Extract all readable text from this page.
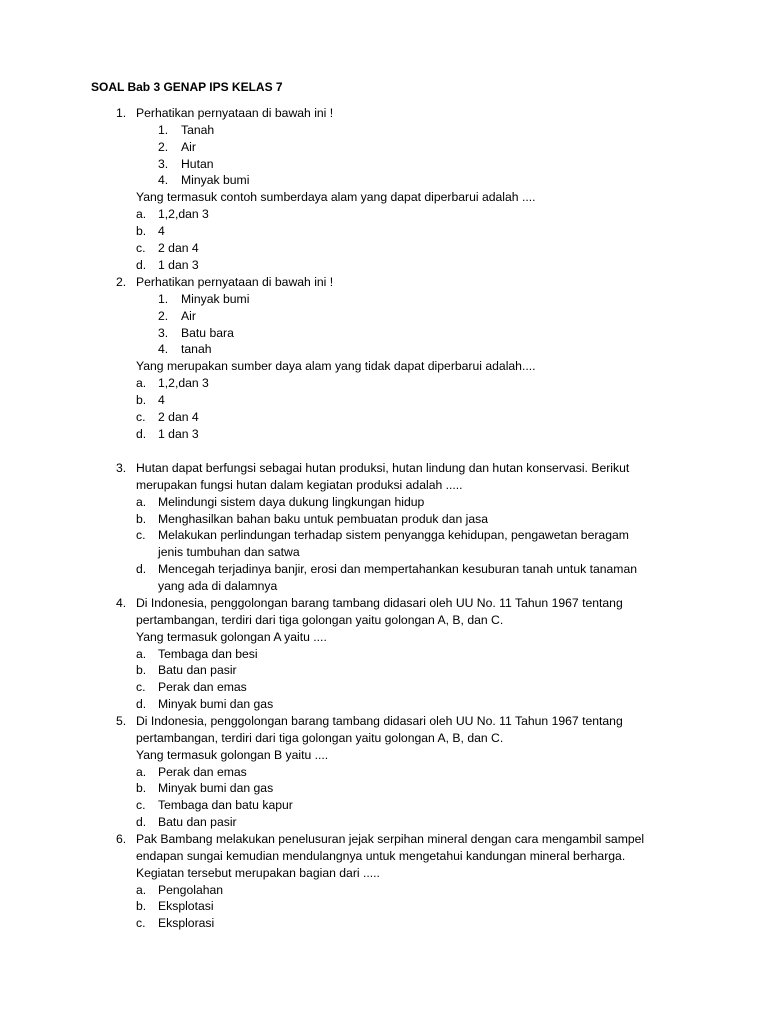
SOAL Bab 3 GENAP IPS KELAS 7
1. Perhatikan pernyataan di bawah ini !
1. Tanah
2. Air
3. Hutan
4. Minyak bumi
Yang termasuk contoh sumberdaya alam yang dapat diperbarui adalah ....
a. 1,2,dan 3
b. 4
c. 2 dan 4
d. 1 dan 3
2. Perhatikan pernyataan di bawah ini !
1. Minyak bumi
2. Air
3. Batu bara
4. tanah
Yang merupakan sumber daya alam yang tidak dapat diperbarui adalah....
a. 1,2,dan 3
b. 4
c. 2 dan 4
d. 1 dan 3
3. Hutan dapat berfungsi sebagai hutan produksi, hutan lindung dan hutan konservasi. Berikut
merupakan fungsi hutan dalam kegiatan produksi adalah .....
a. Melindungi sistem daya dukung lingkungan hidup
b. Menghasilkan bahan baku untuk pembuatan produk dan jasa
c. Melakukan perlindungan terhadap sistem penyangga kehidupan, pengawetan beragam
jenis tumbuhan dan satwa
d. Mencegah terjadinya banjir, erosi dan mempertahankan kesuburan tanah untuk tanaman
yang ada di dalamnya
4. Di Indonesia, penggolongan barang tambang didasari oleh UU No. 11 Tahun 1967 tentang
pertambangan, terdiri dari tiga golongan yaitu golongan A, B, dan C.
Yang termasuk golongan A yaitu ....
a. Tembaga dan besi
b. Batu dan pasir
c. Perak dan emas
d. Minyak bumi dan gas
5. Di Indonesia, penggolongan barang tambang didasari oleh UU No. 11 Tahun 1967 tentang
pertambangan, terdiri dari tiga golongan yaitu golongan A, B, dan C.
Yang termasuk golongan B yaitu ....
a. Perak dan emas
b. Minyak bumi dan gas
c. Tembaga dan batu kapur
d. Batu dan pasir
6. Pak Bambang melakukan penelusuran jejak serpihan mineral dengan cara mengambil sampel
endapan sungai kemudian mendulangnya untuk mengetahui kandungan mineral berharga.
Kegiatan tersebut merupakan bagian dari .....
a. Pengolahan
b. Eksplotasi
c. Eksplorasi
